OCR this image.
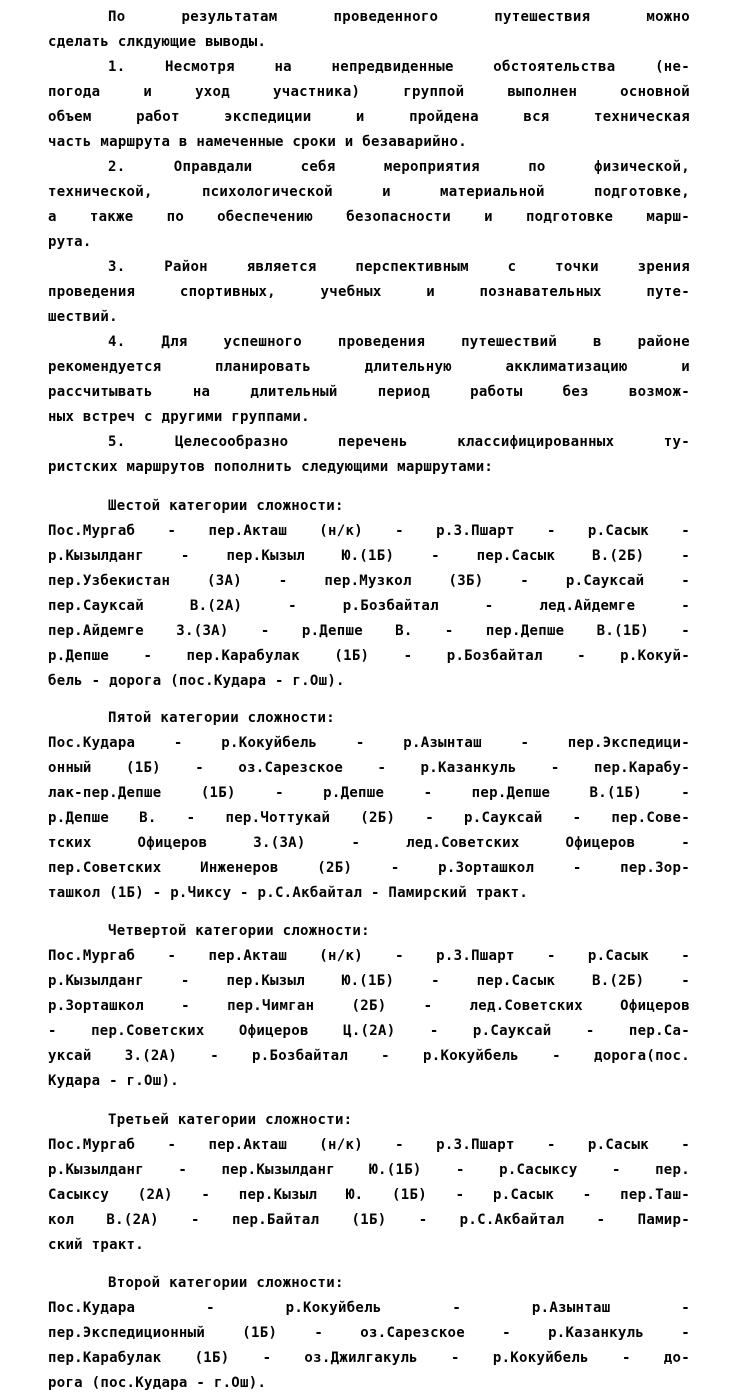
По результатам проведенного путешествия можно
сделать слкдующие выводы.
1. Несмотря на непредвиденные обстоятельства (не-
погода и уход участника) группой выполнен основной
объем работ экспедиции и пройдена вся техническая
часть маршрута в намеченные сроки и безаварийно.
2. Оправдали себя мероприятия по физической,
технической, психологической и материальной подготовке,
а также по обеспечению безопасности и подготовке марш-
рута.
3. Район является перспективным с точки зрения
проведения спортивных, учебных и познавательных путе-
шествий.
4. Для успешного проведения путешествий в районе
рекомендуется планировать длительную акклиматизацию и
рассчитывать на длительный период работы без возмож-
ных встреч с другими группами.
5. Целесообразно перечень классифицированных ту-
ристских маршрутов пополнить следующими маршрутами:
Шестой категории сложности:
Пос.Мургаб - пер.Акташ (н/к) - р.З.Пшарт - р.Сасык -
р.Кызылданг - пер.Кызыл Ю.(1Б) - пер.Сасык В.(2Б) -
пер.Узбекистан (3А) - пер.Музкол (3Б) - р.Сауксай -
пер.Сауксай В.(2А) - р.Бозбайтал - лед.Айдемге -
пер.Айдемге З.(3А) - р.Депше В. - пер.Депше В.(1Б) -
р.Депше - пер.Карабулак (1Б) - р.Бозбайтал - р.Кокуй-
бель - дорога (пос.Кудара - г.Ош).
Пятой категории сложности:
Пос.Кудара - р.Кокуйбель - р.Азынташ - пер.Экспедици-
онный (1Б) - оз.Сарезское - р.Казанкуль - пер.Карабу-
лак-пер.Депше (1Б) - р.Депше - пер.Депше В.(1Б) -
р.Депше В. - пер.Чоттукай (2Б) - р.Сауксай - пер.Сове-
тских Офицеров З.(3А) - лед.Советских Офицеров -
пер.Советских Инженеров (2Б) - р.Зорташкол - пер.Зор-
ташкол (1Б) - р.Чиксу - р.С.Акбайтал - Памирский тракт.
Четвертой категории сложности:
Пос.Мургаб - пер.Акташ (н/к) - р.З.Пшарт - р.Сасык -
р.Кызылданг - пер.Кызыл Ю.(1Б) - пер.Сасык В.(2Б) -
р.Зорташкол - пер.Чимган (2Б) - лед.Советских Офицеров
- пер.Советских Офицеров Ц.(2А) - р.Сауксай - пер.Са-
уксай З.(2А) - р.Бозбайтал - р.Кокуйбель - дорога(пос.
Кудара - г.Ош).
Третьей категории сложности:
Пос.Мургаб - пер.Акташ (н/к) - р.З.Пшарт - р.Сасык -
р.Кызылданг - пер.Кызылданг Ю.(1Б) - р.Сасыксу - пер.
Сасыксу (2А) - пер.Кызыл Ю. (1Б) - р.Сасык - пер.Таш-
кол В.(2А) - пер.Байтал (1Б) - р.С.Акбайтал - Памир-
ский тракт.
Второй категории сложности:
Пос.Кудара - р.Кокуйбель - р.Азынташ -
пер.Экспедиционный (1Б) - оз.Сарезское - р.Казанкуль -
пер.Карабулак (1Б) - оз.Джилгакуль - р.Кокуйбель - до-
рога (пос.Кудара - г.Ош).
